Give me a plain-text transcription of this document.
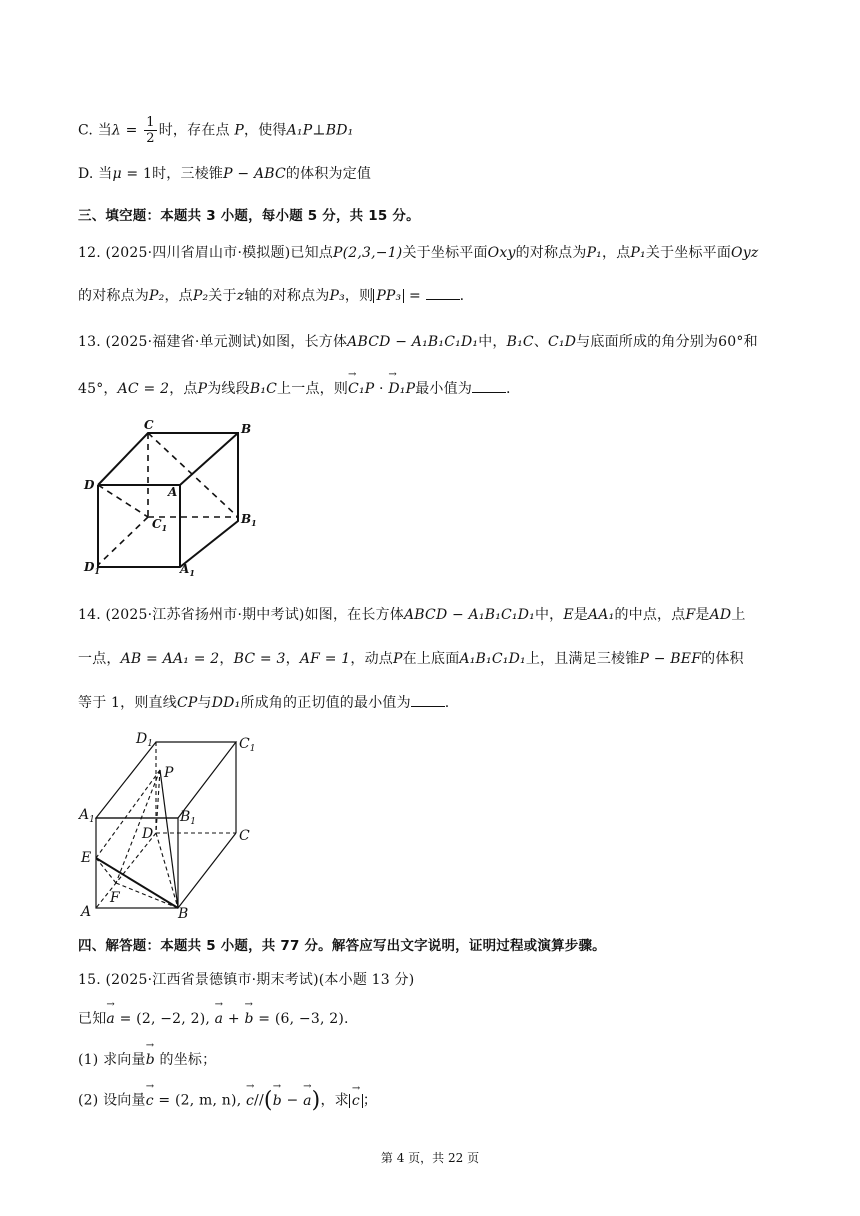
C. 当$\lambda = \frac{1}{2}$ 时，存在点 P，使得A₁P⊥BD₁
D. 当μ = 1时，三棱锥P − ABC的体积为定值
三、填空题：本题共 3 小题，每小题 5 分，共 15 分。
12. (2025·四川省眉山市·模拟题)已知点P(2,3,−1)关于坐标平面Oxy的对称点为P₁，点P₁关于坐标平面Oyz
的对称点为P₂，点P₂关于z轴的对称点为P₃，则 PP₃ = .
13. (2025·福建省·单元测试)如图，长方体ABCD − A₁B₁C₁D₁中，B₁C、C₁D与底面所成的角分别为60°和
45°，AC = 2，点P为线段B₁C上一点，则→ C₁P · → D₁P最小值为 .
C	B
D	A
$C_1$
$B_1$
$D_1$	$A_1$
14. (2025·江苏省扬州市·期中考试)如图，在长方体ABCD − A₁B₁C₁D₁中，E是AA₁的中点，点F是AD上
一点，AB = AA₁ = 2，BC = 3，AF = 1，动点P在上底面A₁B₁C₁D₁上，且满足三棱锥P − BEF的体积
等于 1，则直线CP与DD₁所成角的正切值的最小值为 .
$D_1$	$C_1$
P
$A_1$	$B_1$
D	C
E
F
A	B
四、解答题：本题共 5 小题，共 77 分。解答应写出文字说明，证明过程或演算步骤。
15. (2025·江西省景德镇市·期末考试)(本小题 13 分)
已知→ a = (2, −2, 2), → a + → b = (6, −3, 2).
(1) 求向量→ b 的坐标；
(2) 设向量→ c = (2, m, n), → c//(→ b − → a)，求→ c ；
第 4 页，共 22 页
